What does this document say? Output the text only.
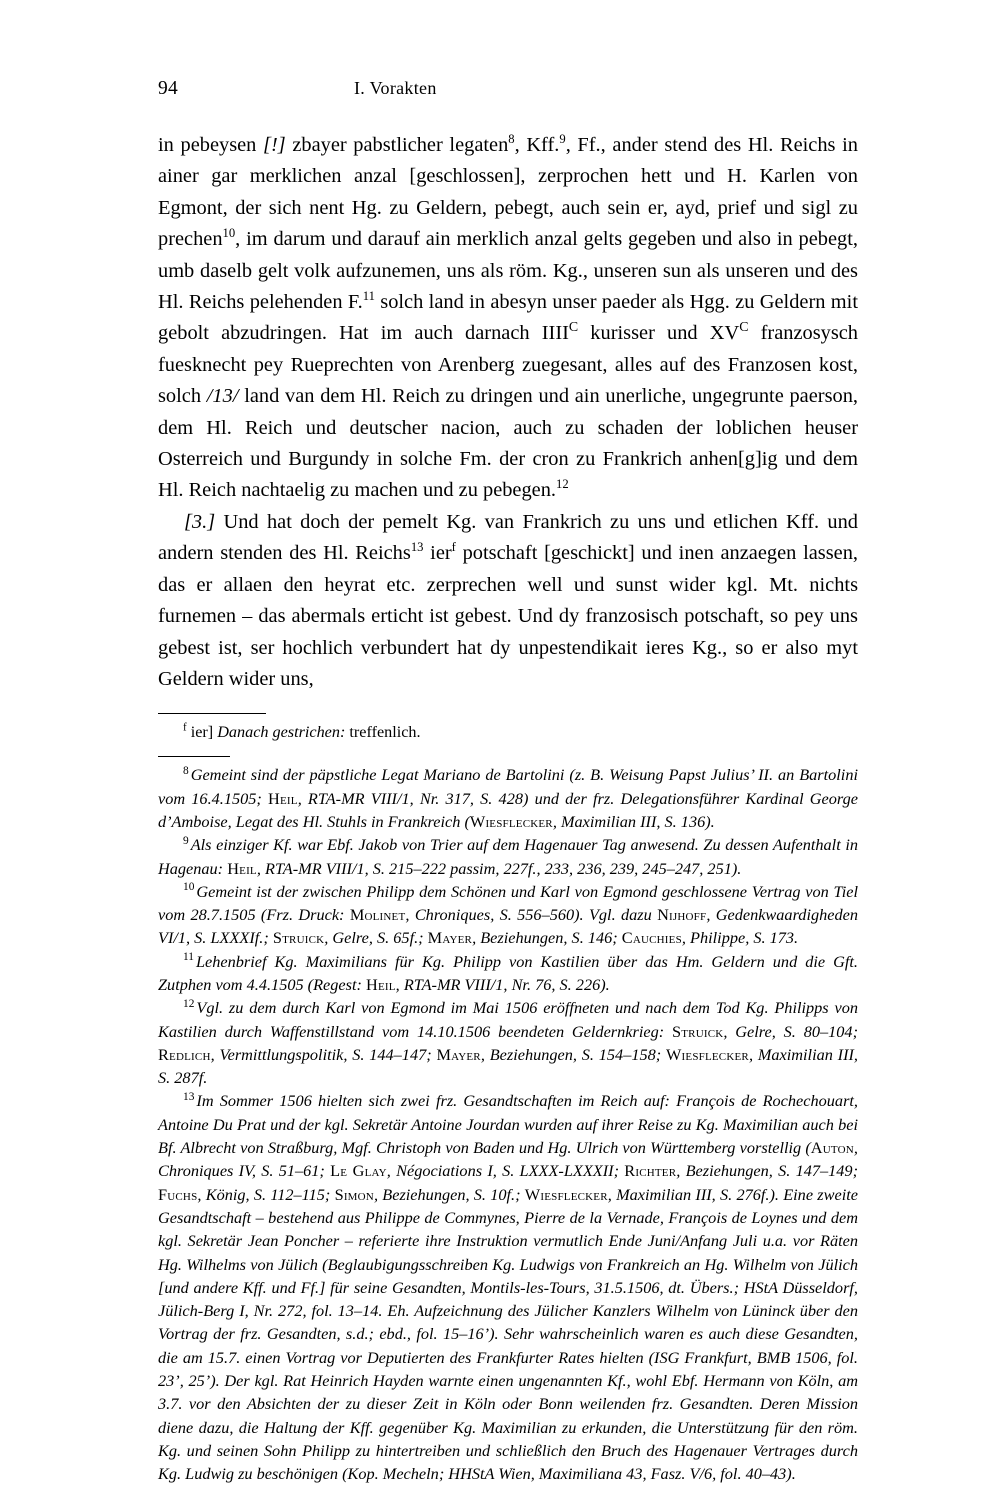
94	I. Vorakten

in pebeysen [!] zbayer pabstlicher legaten$^8$, Kff.$^9$, Ff., ander stend des Hl. Reichs in ainer gar merklichen anzal [geschlossen], zerprochen hett und H. Karlen von Egmont, der sich nent Hg. zu Geldern, pebegt, auch sein er, ayd, prief und sigl zu prechen$^{10}$, im darum und darauf ain merklich anzal gelts gegeben und also in pebegt, umb daselb gelt volk aufzunemen, uns als röm. Kg., unseren sun als unseren und des Hl. Reichs pelehenden F.$^{11}$ solch land in abesyn unser paeder als Hgg. zu Geldern mit gebolt abzudringen. Hat im auch darnach $IIII^C$ kurisser und $XV^C$ franzosysch fuesknecht pey Rueprechten von Arenberg zuegesant, alles auf des Franzosen kost, solch /13/ land van dem Hl. Reich zu dringen und ain unerliche, ungegrunte paerson, dem Hl. Reich und deutscher nacion, auch zu schaden der loblichen heuser Osterreich und Burgundy in solche Fm. der cron zu Frankrich anhen[g]ig und dem Hl. Reich nachtaelig zu machen und zu pebegen.$^{12}$

[3.] Und hat doch der pemelt Kg. van Frankrich zu uns und etlichen Kff. und andern stenden des Hl. Reichs$^{13}$ ier$^f$ potschaft [geschickt] und inen anzaegen lassen, das er allaen den heyrat etc. zerprechen well und sunst wider kgl. Mt. nichts furnemen – das abermals erticht ist gebest. Und dy franzosisch potschaft, so pey uns gebest ist, ser hochlich verbundert hat dy unpestendikait ieres Kg., so er also myt Geldern wider uns,

$^f$ ier] Danach gestrichen: treffenlich.

$^8$ Gemeint sind der päpstliche Legat Mariano de Bartolini (z. B. Weisung Papst Julius’ II. an Bartolini vom 16.4.1505; Heil, RTA-MR VIII/1, Nr. 317, S. 428) und der frz. Delegationsführer Kardinal George d’Amboise, Legat des Hl. Stuhls in Frankreich (Wiesflecker, Maximilian III, S. 136).

$^9$ Als einziger Kf. war Ebf. Jakob von Trier auf dem Hagenauer Tag anwesend. Zu dessen Aufenthalt in Hagenau: Heil, RTA-MR VIII/1, S. 215–222 passim, 227f., 233, 236, 239, 245–247, 251).

$^{10}$ Gemeint ist der zwischen Philipp dem Schönen und Karl von Egmond geschlossene Vertrag von Tiel vom 28.7.1505 (Frz. Druck: Molinet, Chroniques, S. 556–560). Vgl. dazu Nijhoff, Gedenkwaardigheden VI/1, S. LXXXIf.; Struick, Gelre, S. 65f.; Mayer, Beziehungen, S. 146; Cauchies, Philippe, S. 173.

$^{11}$ Lehenbrief Kg. Maximilians für Kg. Philipp von Kastilien über das Hm. Geldern und die Gft. Zutphen vom 4.4.1505 (Regest: Heil, RTA-MR VIII/1, Nr. 76, S. 226).

$^{12}$ Vgl. zu dem durch Karl von Egmond im Mai 1506 eröffneten und nach dem Tod Kg. Philipps von Kastilien durch Waffenstillstand vom 14.10.1506 beendeten Geldernkrieg: Struick, Gelre, S. 80–104; Redlich, Vermittlungspolitik, S. 144–147; Mayer, Beziehungen, S. 154–158; Wiesflecker, Maximilian III, S. 287f.

$^{13}$ Im Sommer 1506 hielten sich zwei frz. Gesandtschaften im Reich auf: François de Rochechouart, Antoine Du Prat und der kgl. Sekretär Antoine Jourdan wurden auf ihrer Reise zu Kg. Maximilian auch bei Bf. Albrecht von Straßburg, Mgf. Christoph von Baden und Hg. Ulrich von Württemberg vorstellig (Auton, Chroniques IV, S. 51–61; Le Glay, Négociations I, S. LXXX-LXXXII; Richter, Beziehungen, S. 147–149; Fuchs, König, S. 112–115; Simon, Beziehungen, S. 10f.; Wiesflecker, Maximilian III, S. 276f.). Eine zweite Gesandtschaft – bestehend aus Philippe de Commynes, Pierre de la Vernade, François de Loynes und dem kgl. Sekretär Jean Poncher – referierte ihre Instruktion vermutlich Ende Juni/Anfang Juli u.a. vor Räten Hg. Wilhelms von Jülich (Beglaubigungsschreiben Kg. Ludwigs von Frankreich an Hg. Wilhelm von Jülich [und andere Kff. und Ff.] für seine Gesandten, Montils-les-Tours, 31.5.1506, dt. Übers.; HStA Düsseldorf, Jülich-Berg I, Nr. 272, fol. 13–14. Eh. Aufzeichnung des Jülicher Kanzlers Wilhelm von Lüninck über den Vortrag der frz. Gesandten, s.d.; ebd., fol. 15–16’). Sehr wahrscheinlich waren es auch diese Gesandten, die am 15.7. einen Vortrag vor Deputierten des Frankfurter Rates hielten (ISG Frankfurt, BMB 1506, fol. 23’, 25’). Der kgl. Rat Heinrich Hayden warnte einen ungenannten Kf., wohl Ebf. Hermann von Köln, am 3.7. vor den Absichten der zu dieser Zeit in Köln oder Bonn weilenden frz. Gesandten. Deren Mission diene dazu, die Haltung der Kff. gegenüber Kg. Maximilian zu erkunden, die Unterstützung für den röm. Kg. und seinen Sohn Philipp zu hintertreiben und schließlich den Bruch des Hagenauer Vertrages durch Kg. Ludwig zu beschönigen (Kop. Mecheln; HHStA Wien, Maximiliana 43, Fasz. V/6, fol. 40–43).
